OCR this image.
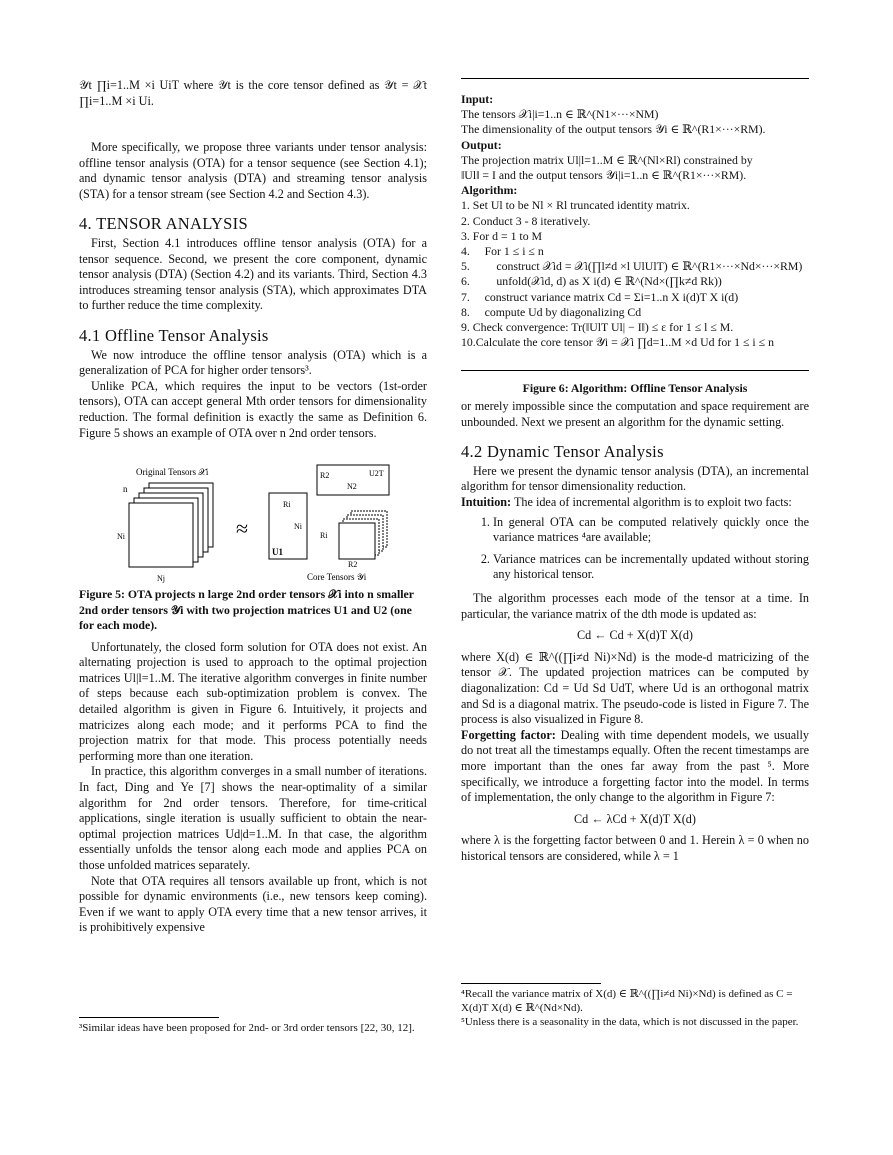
𝒴t ∏i=1..M ×i UiT where 𝒴t is the core tensor defined as 𝒴t = 𝒳t ∏i=1..M ×i Ui.

More specifically, we propose three variants under tensor analysis: offline tensor analysis (OTA) for a tensor sequence (see Section 4.1); and dynamic tensor analysis (DTA) and streaming tensor analysis (STA) for a tensor stream (see Section 4.2 and Section 4.3).

4. TENSOR ANALYSIS

First, Section 4.1 introduces offline tensor analysis (OTA) for a tensor sequence. Second, we present the core component, dynamic tensor analysis (DTA) (Section 4.2) and its variants. Third, Section 4.3 introduces streaming tensor analysis (STA), which approximates DTA to further reduce the time complexity.

4.1 Offline Tensor Analysis

We now introduce the offline tensor analysis (OTA) which is a generalization of PCA for higher order tensors³.

Unlike PCA, which requires the input to be vectors (1st-order tensors), OTA can accept general Mth order tensors for dimensionality reduction. The formal definition is exactly the same as Definition 6. Figure 5 shows an example of OTA over n 2nd order tensors.

Original Tensors 𝒳i
n
Ni
Nj
≈
Ri
Ni
U1
U2T
R2
N2
Ri
R2
Core Tensors 𝒴i

Figure 5: OTA projects n large 2nd order tensors 𝒳i into n smaller 2nd order tensors 𝒴i with two projection matrices U1 and U2 (one for each mode).

Unfortunately, the closed form solution for OTA does not exist. An alternating projection is used to approach to the optimal projection matrices Ul|l=1..M. The iterative algorithm converges in finite number of steps because each sub-optimization problem is convex. The detailed algorithm is given in Figure 6. Intuitively, it projects and matricizes along each mode; and it performs PCA to find the projection matrix for that mode. This process potentially needs performing more than one iteration.

In practice, this algorithm converges in a small number of iterations. In fact, Ding and Ye [7] shows the near-optimality of a similar algorithm for 2nd order tensors. Therefore, for time-critical applications, single iteration is usually sufficient to obtain the near-optimal projection matrices Ud|d=1..M. In that case, the algorithm essentially unfolds the tensor along each mode and applies PCA on those unfolded matrices separately.

Note that OTA requires all tensors available up front, which is not possible for dynamic environments (i.e., new tensors keep coming). Even if we want to apply OTA every time that a new tensor arrives, it is prohibitively expensive

³Similar ideas have been proposed for 2nd- or 3rd order tensors [22, 30, 12].
Input:
The tensors 𝒳i|i=1..n ∈ ℝ^(N1×···×NM)
The dimensionality of the output tensors 𝒴i ∈ ℝ^(R1×···×RM).
Output:
The projection matrix Ul|l=1..M ∈ ℝ^(Nl×Rl) constrained by
‖Ul‖ = I and the output tensors 𝒴i|i=1..n ∈ ℝ^(R1×···×RM).
Algorithm:
1. Set Ul to be Nl × Rl truncated identity matrix.
2. Conduct 3 - 8 iteratively.
3. For d = 1 to M
4.     For 1 ≤ i ≤ n
5.         construct 𝒳id = 𝒳i(∏l≠d ×l UlUlT) ∈ ℝ^(R1×···×Nd×···×RM)
6.         unfold(𝒳id, d) as X i(d) ∈ ℝ^(Nd×(∏k≠d Rk))
7.     construct variance matrix Cd = Σi=1..n X i(d)T X i(d)
8.     compute Ud by diagonalizing Cd
9. Check convergence: Tr(‖UlT Ul| − I‖) ≤ ε for 1 ≤ l ≤ M.
10.Calculate the core tensor 𝒴i = 𝒳i ∏d=1..M ×d Ud for 1 ≤ i ≤ n
Figure 6: Algorithm: Offline Tensor Analysis

or merely impossible since the computation and space requirement are unbounded. Next we present an algorithm for the dynamic setting.

4.2 Dynamic Tensor Analysis

Here we present the dynamic tensor analysis (DTA), an incremental algorithm for tensor dimensionality reduction.

Intuition: The idea of incremental algorithm is to exploit two facts:

1. In general OTA can be computed relatively quickly once the variance matrices ⁴are available;
2. Variance matrices can be incrementally updated without storing any historical tensor.

The algorithm processes each mode of the tensor at a time. In particular, the variance matrix of the dth mode is updated as:

Cd ← Cd + X(d)T X(d)

where X(d) ∈ ℝ^((∏i≠d Ni)×Nd) is the mode-d matricizing of the tensor 𝒳. The updated projection matrices can be computed by diagonalization: Cd = Ud Sd UdT, where Ud is an orthogonal matrix and Sd is a diagonal matrix. The pseudo-code is listed in Figure 7. The process is also visualized in Figure 8.

Forgetting factor: Dealing with time dependent models, we usually do not treat all the timestamps equally. Often the recent timestamps are more important than the ones far away from the past ⁵. More specifically, we introduce a forgetting factor into the model. In terms of implementation, the only change to the algorithm in Figure 7:

Cd ← λCd + X(d)T X(d)

where λ is the forgetting factor between 0 and 1. Herein λ = 0 when no historical tensors are considered, while λ = 1

⁴Recall the variance matrix of X(d) ∈ ℝ^((∏i≠d Ni)×Nd) is defined as C = X(d)T X(d) ∈ ℝ^(Nd×Nd).
⁵Unless there is a seasonality in the data, which is not discussed in the paper.
